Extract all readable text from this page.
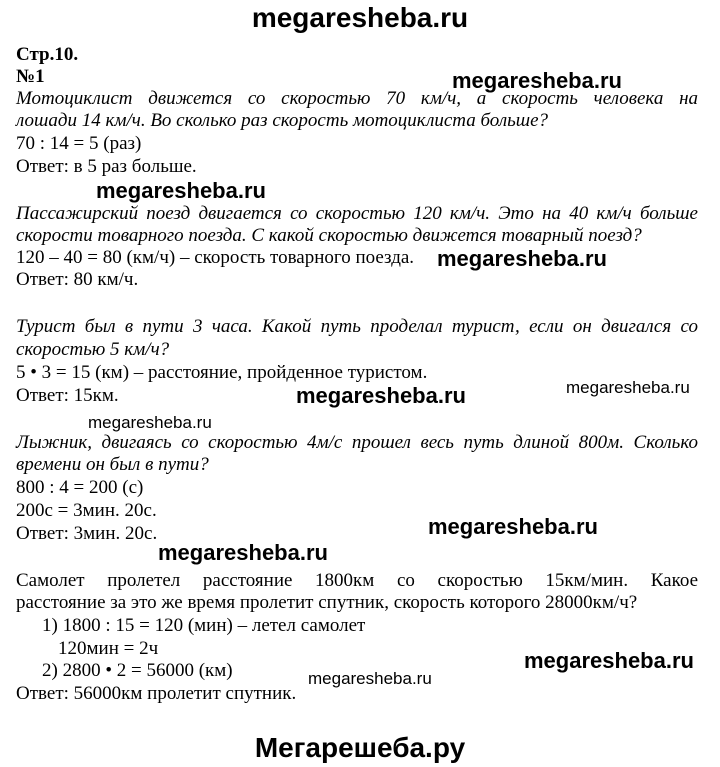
megaresheba.ru
Стр.10.
№1	megaresheba.ru
Мотоциклист движется со скоростью 70 км/ч, а скорость человека на
лошади 14 км/ч. Во сколько раз скорость мотоциклиста больше?
70 : 14 = 5 (раз)
Ответ: в 5 раз больше.
megaresheba.ru
Пассажирский поезд двигается со скоростью 120 км/ч. Это на 40 км/ч больше
скорости товарного поезда. С какой скоростью движется товарный поезд?
120 – 40 = 80 (км/ч) – скорость товарного поезда. megaresheba.ru
Ответ: 80 км/ч.
Турист был в пути 3 часа. Какой путь проделал турист, если он двигался со
скоростью 5 км/ч?
5 • 3 = 15 (км) – расстояние, пройденное туристом.
megaresheba.ru
Ответ: 15км.	megaresheba.ru
megaresheba.ru
Лыжник, двигаясь со скоростью 4м/с прошел весь путь длиной 800м. Сколько
времени он был в пути?
800 : 4 = 200 (с)
200с = 3мин. 20с.
Ответ: 3мин. 20с.	megaresheba.ru
megaresheba.ru
Самолет пролетел расстояние 1800км со скоростью 15км/мин. Какое
расстояние за это же время пролетит спутник, скорость которого 28000км/ч?
1) 1800 : 15 = 120 (мин) – летел самолет
120мин = 2ч	megaresheba.ru
2) 2800 • 2 = 56000 (км)	megaresheba.ru
Ответ: 56000км пролетит спутник.
Мегарешеба.ру
